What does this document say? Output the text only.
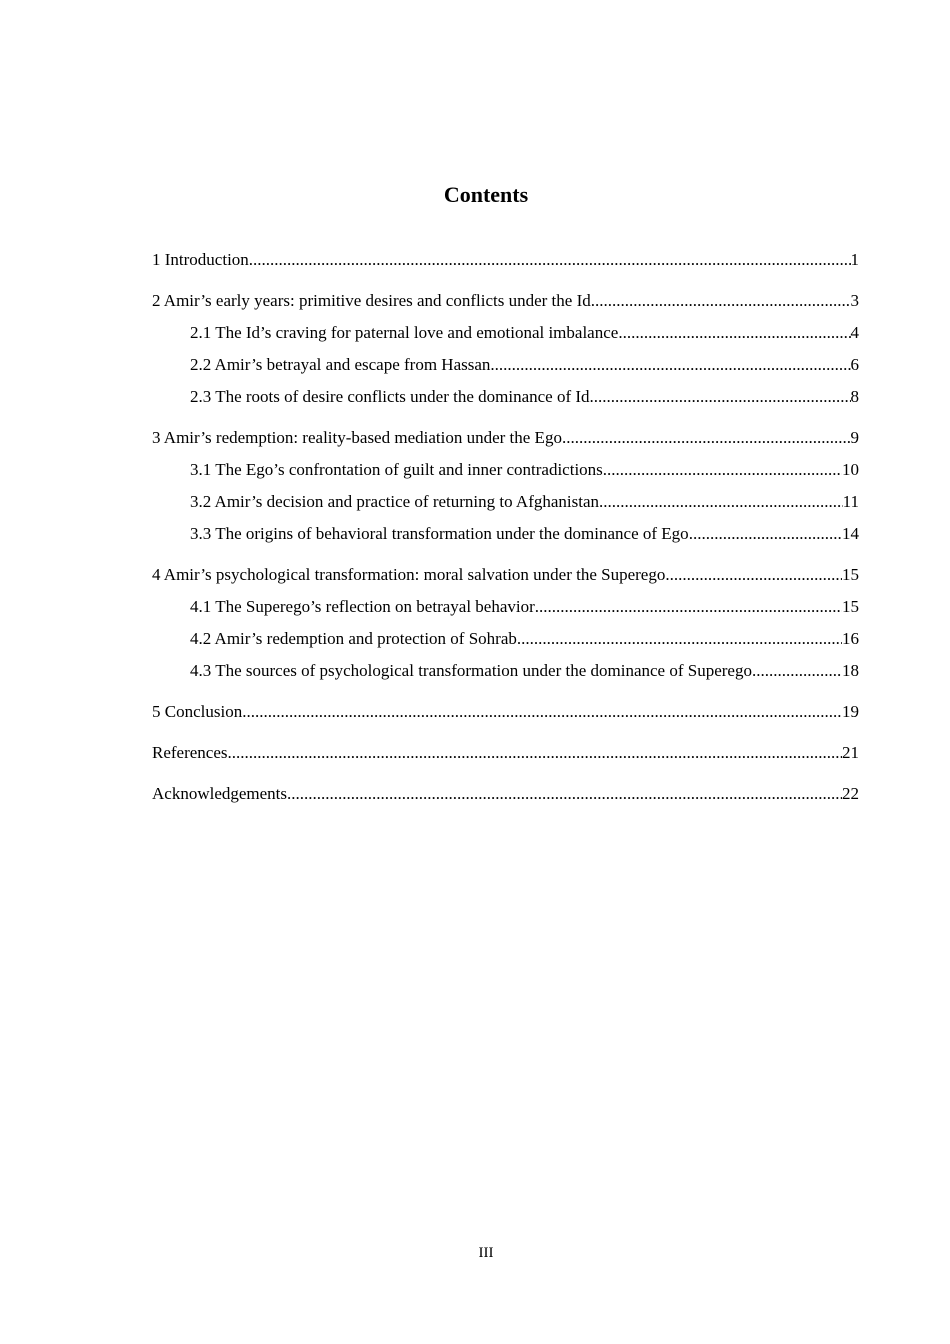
Contents
1 Introduction .....	1
2 Amir’s early years: primitive desires and conflicts under the Id .....	3
2.1 The Id’s craving for paternal love and emotional imbalance .....	4
2.2 Amir’s betrayal and escape from Hassan .....	6
2.3 The roots of desire conflicts under the dominance of Id .....	8
3 Amir’s redemption: reality-based mediation under the Ego .....	9
3.1 The Ego’s confrontation of guilt and inner contradictions .....	10
3.2 Amir’s decision and practice of returning to Afghanistan .....	11
3.3 The origins of behavioral transformation under the dominance of Ego .....	14
4 Amir’s psychological transformation: moral salvation under the Superego .....	15
4.1 The Superego’s reflection on betrayal behavior .....	15
4.2 Amir’s redemption and protection of Sohrab .....	16
4.3 The sources of psychological transformation under the dominance of Superego .....	18
5 Conclusion .....	19
References .....	21
Acknowledgements .....	22
III
